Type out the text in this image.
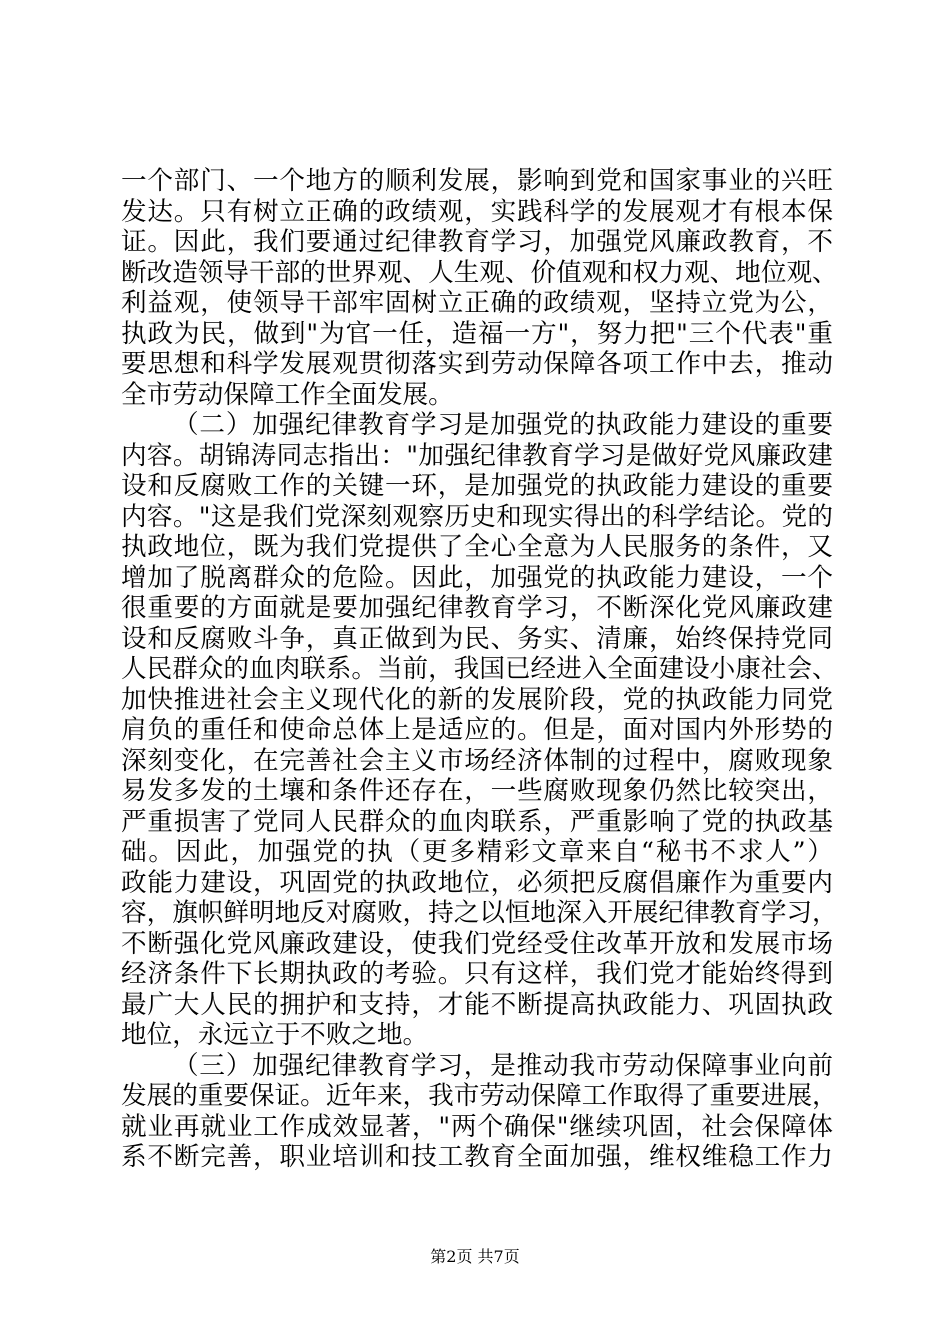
一个部门、一个地方的顺利发展，影响到党和国家事业的兴旺
发达。只有树立正确的政绩观，实践科学的发展观才有根本保
证。因此，我们要通过纪律教育学习，加强党风廉政教育，不
断改造领导干部的世界观、人生观、价值观和权力观、地位观、
利益观，使领导干部牢固树立正确的政绩观，坚持立党为公，
执政为民，做到"为官一任，造福一方"，努力把"三个代表"重
要思想和科学发展观贯彻落实到劳动保障各项工作中去，推动
全市劳动保障工作全面发展。
（二）加强纪律教育学习是加强党的执政能力建设的重要
内容。胡锦涛同志指出："加强纪律教育学习是做好党风廉政建
设和反腐败工作的关键一环，是加强党的执政能力建设的重要
内容。"这是我们党深刻观察历史和现实得出的科学结论。党的
执政地位，既为我们党提供了全心全意为人民服务的条件，又
增加了脱离群众的危险。因此，加强党的执政能力建设，一个
很重要的方面就是要加强纪律教育学习，不断深化党风廉政建
设和反腐败斗争，真正做到为民、务实、清廉，始终保持党同
人民群众的血肉联系。当前，我国已经进入全面建设小康社会、
加快推进社会主义现代化的新的发展阶段，党的执政能力同党
肩负的重任和使命总体上是适应的。但是，面对国内外形势的
深刻变化，在完善社会主义市场经济体制的过程中，腐败现象
易发多发的土壤和条件还存在，一些腐败现象仍然比较突出，
严重损害了党同人民群众的血肉联系，严重影响了党的执政基
础。因此，加强党的执（更多精彩文章来自“秘书不求人”）
政能力建设，巩固党的执政地位，必须把反腐倡廉作为重要内
容，旗帜鲜明地反对腐败，持之以恒地深入开展纪律教育学习，
不断强化党风廉政建设，使我们党经受住改革开放和发展市场
经济条件下长期执政的考验。只有这样，我们党才能始终得到
最广大人民的拥护和支持，才能不断提高执政能力、巩固执政
地位，永远立于不败之地。
（三）加强纪律教育学习，是推动我市劳动保障事业向前
发展的重要保证。近年来，我市劳动保障工作取得了重要进展，
就业再就业工作成效显著，"两个确保"继续巩固，社会保障体
系不断完善，职业培训和技工教育全面加强，维权维稳工作力
第2页 共7页
